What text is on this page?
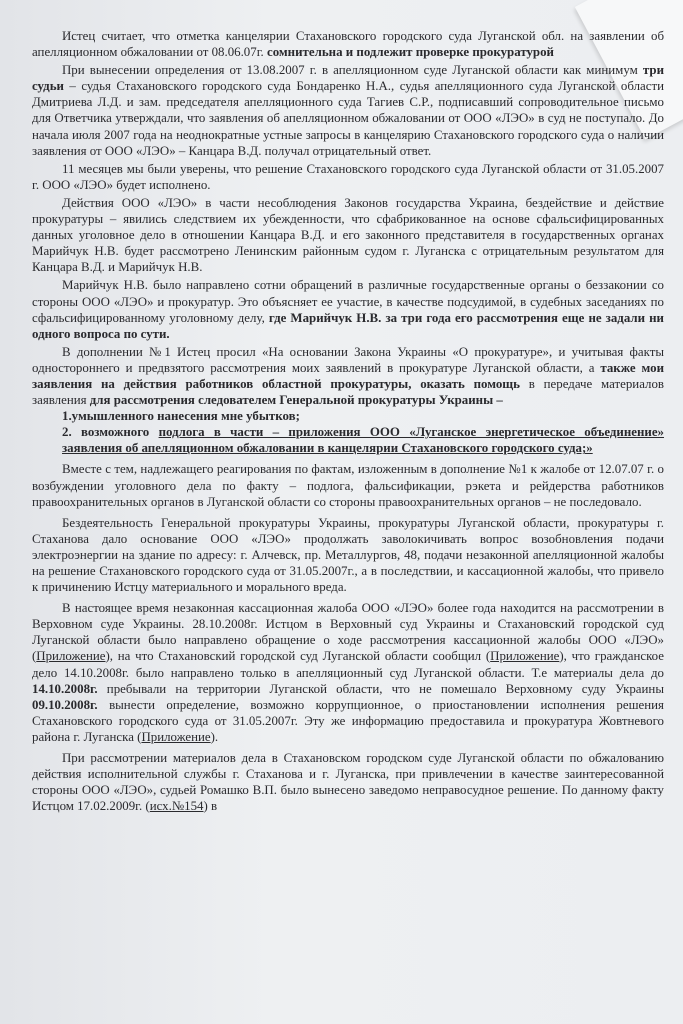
Истец считает, что отметка канцелярии Стахановского городского суда Луганской обл. на заявлении об апелляционном обжаловании от 08.06.07г. сомнительна и подлежит проверке прокуратурой

При вынесении определения от 13.08.2007 г. в апелляционном суде Луганской области как минимум три судьи – судья Стахановского городского суда Бондаренко Н.А., судья апелляционного суда Луганской области Дмитриева Л.Д. и зам. председателя апелляционного суда Тагиев С.Р., подписавший сопроводительное письмо для Ответчика утверждали, что заявления об апелляционном обжаловании от ООО «ЛЭО» в суд не поступало. До начала июля 2007 года на неоднократные устные запросы в канцелярию Стахановского городского суда о наличии заявления от ООО «ЛЭО» – Канцара В.Д. получал отрицательный ответ.

11 месяцев мы были уверены, что решение Стахановского городского суда Луганской области от 31.05.2007 г. ООО «ЛЭО» будет исполнено.

Действия ООО «ЛЭО» в части несоблюдения Законов государства Украина, бездействие и действие прокуратуры – явились следствием их убежденности, что сфабрикованное на основе сфальсифицированных данных уголовное дело в отношении Канцара В.Д. и его законного представителя в государственных органах Марийчук Н.В. будет рассмотрено Ленинским районным судом г. Луганска с отрицательным результатом для Канцара В.Д. и Марийчук Н.В.

Марийчук Н.В. было направлено сотни обращений в различные государственные органы о беззаконии со стороны ООО «ЛЭО» и прокуратур. Это объясняет ее участие, в качестве подсудимой, в судебных заседаниях по сфальсифицированному уголовному делу, где Марийчук Н.В. за три года его рассмотрения еще не задали ни одного вопроса по сути.

В дополнении №1 Истец просил «На основании Закона Украины «О прокуратуре», и учитывая факты одностороннего и предвзятого рассмотрения моих заявлений в прокуратуре Луганской области, а также мои заявления на действия работников областной прокуратуры, оказать помощь в передаче материалов заявления для рассмотрения следователем Генеральной прокуратуры Украины –

1.умышленного нанесения мне убытков;

2. возможного подлога в части – приложения ООО «Луганское энергетическое объединение» заявления об апелляционном обжаловании в канцелярии Стахановского городского суда;»

Вместе с тем, надлежащего реагирования по фактам, изложенным в дополнение №1 к жалобе от 12.07.07 г. о возбуждении уголовного дела по факту – подлога, фальсификации, рэкета и рейдерства работников правоохранительных органов в Луганской области со стороны правоохранительных органов – не последовало.

Бездеятельность Генеральной прокуратуры Украины, прокуратуры Луганской области, прокуратуры г. Стаханова дало основание ООО «ЛЭО» продолжать заволокичивать вопрос возобновления подачи электроэнергии на здание по адресу: г. Алчевск, пр. Металлургов, 48, подачи незаконной апелляционной жалобы на решение Стахановского городского суда от 31.05.2007г., а в последствии, и кассационной жалобы, что привело к причинению Истцу материального и морального вреда.

В настоящее время незаконная кассационная жалоба ООО «ЛЭО» более года находится на рассмотрении в Верховном суде Украины. 28.10.2008г. Истцом в Верховный суд Украины и Стахановский городской суд Луганской области было направлено обращение о ходе рассмотрения кассационной жалобы ООО «ЛЭО» (Приложение), на что Стахановский городской суд Луганской области сообщил (Приложение), что гражданское дело 14.10.2008г. было направлено только в апелляционный суд Луганской области. Т.е материалы дела до 14.10.2008г. пребывали на территории Луганской области, что не помешало Верховному суду Украины 09.10.2008г. вынести определение, возможно коррупционное, о приостановлении исполнения решения Стахановского городского суда от 31.05.2007г. Эту же информацию предоставила и прокуратура Жовтневого района г. Луганска (Приложение).

При рассмотрении материалов дела в Стахановском городском суде Луганской области по обжалованию действия исполнительной службы г. Стаханова и г. Луганска, при привлечении в качестве заинтересованной стороны ООО «ЛЭО», судьей Ромашко В.П. было вынесено заведомо неправосудное решение. По данному факту Истцом 17.02.2009г. (исх.№154) в
